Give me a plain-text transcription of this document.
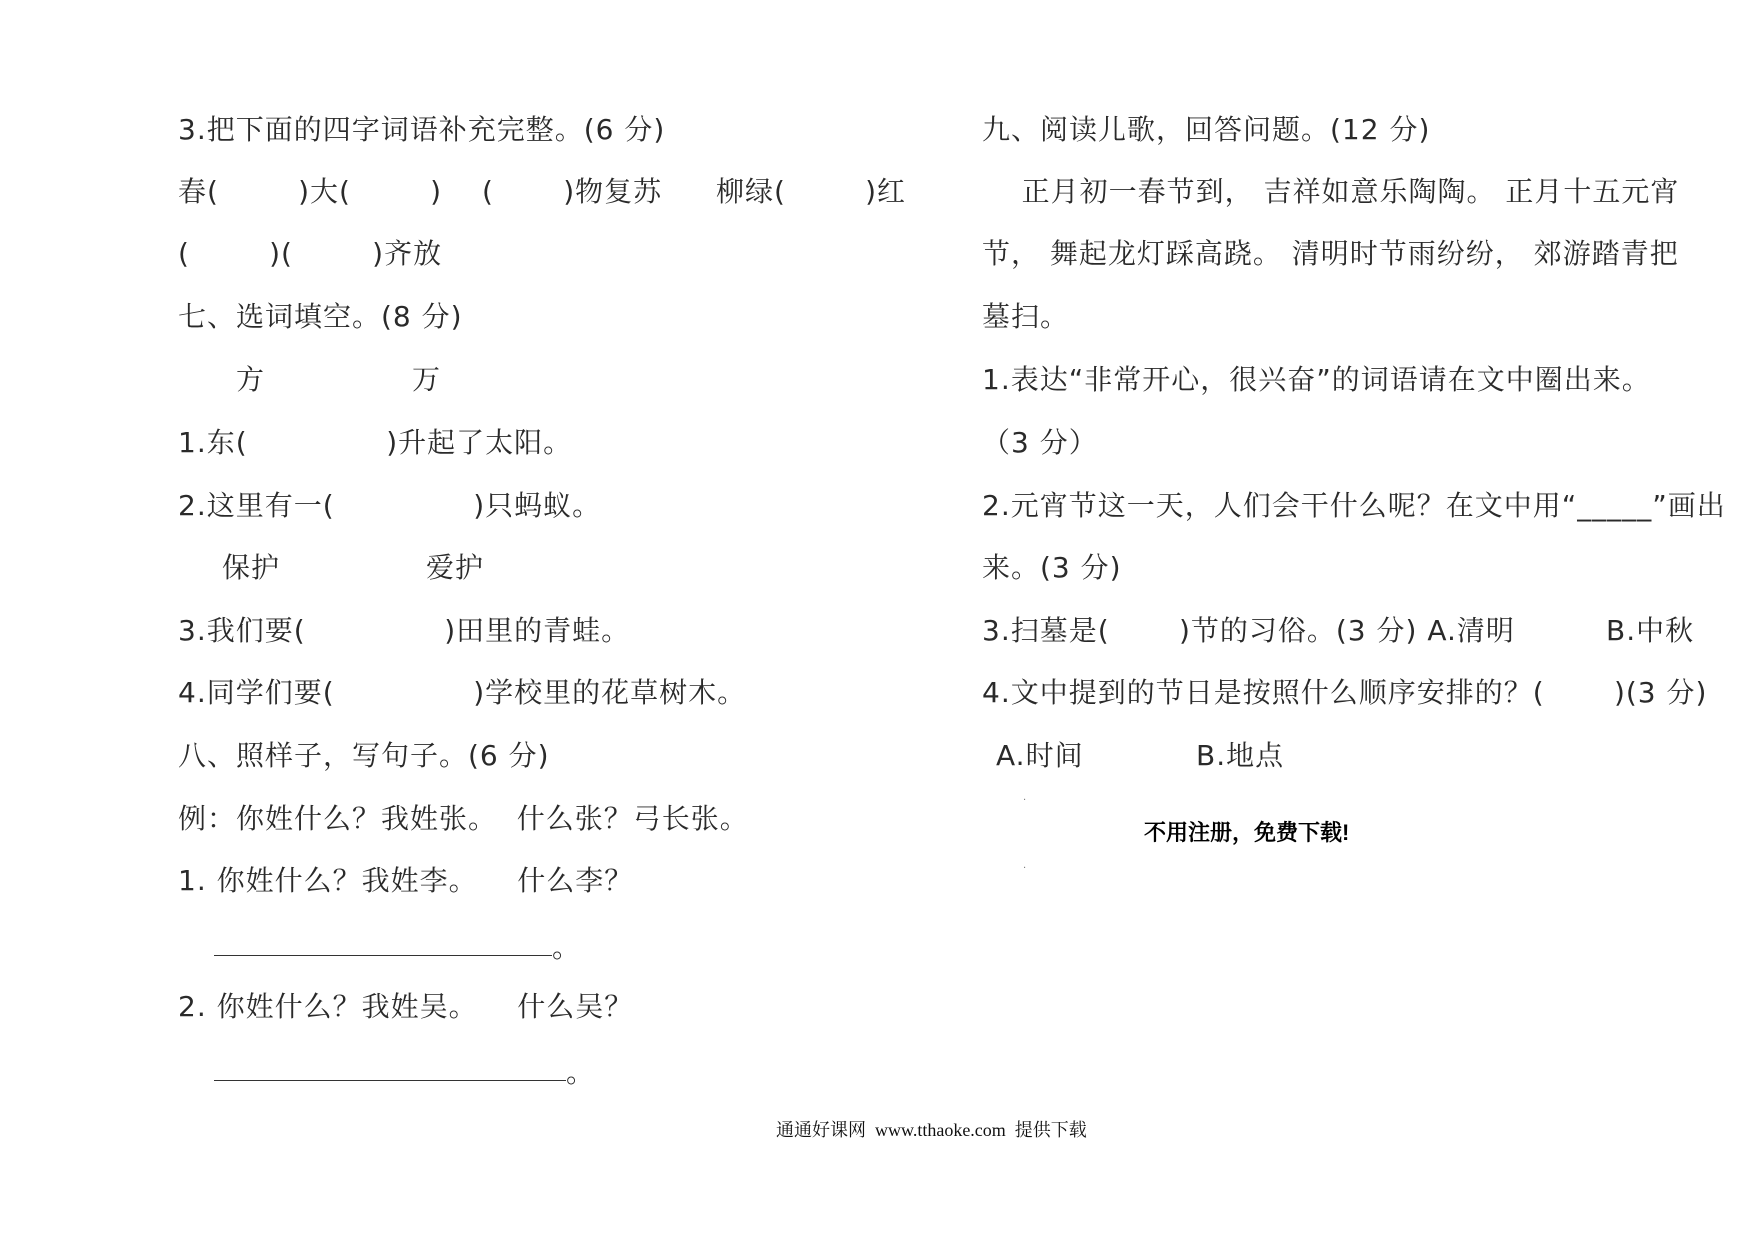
3.把下面的四字词语补充完整。(6 分)
春(        )大(        ) (       )物复苏 柳绿(        )红
(        )(        )齐放
七、选词填空。(8 分)
方	万
1.东(              )升起了太阳。
2.这里有一(              )只蚂蚁。
保护	爱护
3.我们要(              )田里的青蛙。
4.同学们要(              )学校里的花草树木。
八、照样子，写句子。(6 分)
例：你姓什么？我姓张。  什么张？弓长张。
1. 你姓什么？我姓李。    什么李？
。
2. 你姓什么？我姓吴。    什么吴？
。
九、阅读儿歌，回答问题。(12 分)
正月初一春节到， 吉祥如意乐陶陶。 正月十五元宵
节， 舞起龙灯踩高跷。 清明时节雨纷纷， 郊游踏青把
墓扫。
1.表达“非常开心，很兴奋”的词语请在文中圈出来。
（3 分）
2.元宵节这一天，人们会干什么呢？在文中用“_____”画出
来。(3 分)
3.扫墓是(       )节的习俗。(3 分) A.清明	B.中秋
4.文中提到的节日是按照什么顺序安排的？(       )(3 分)
A.时间	B.地点
·
不用注册，免费下载!
·
通通好课网  www.tthaoke.com  提供下载
